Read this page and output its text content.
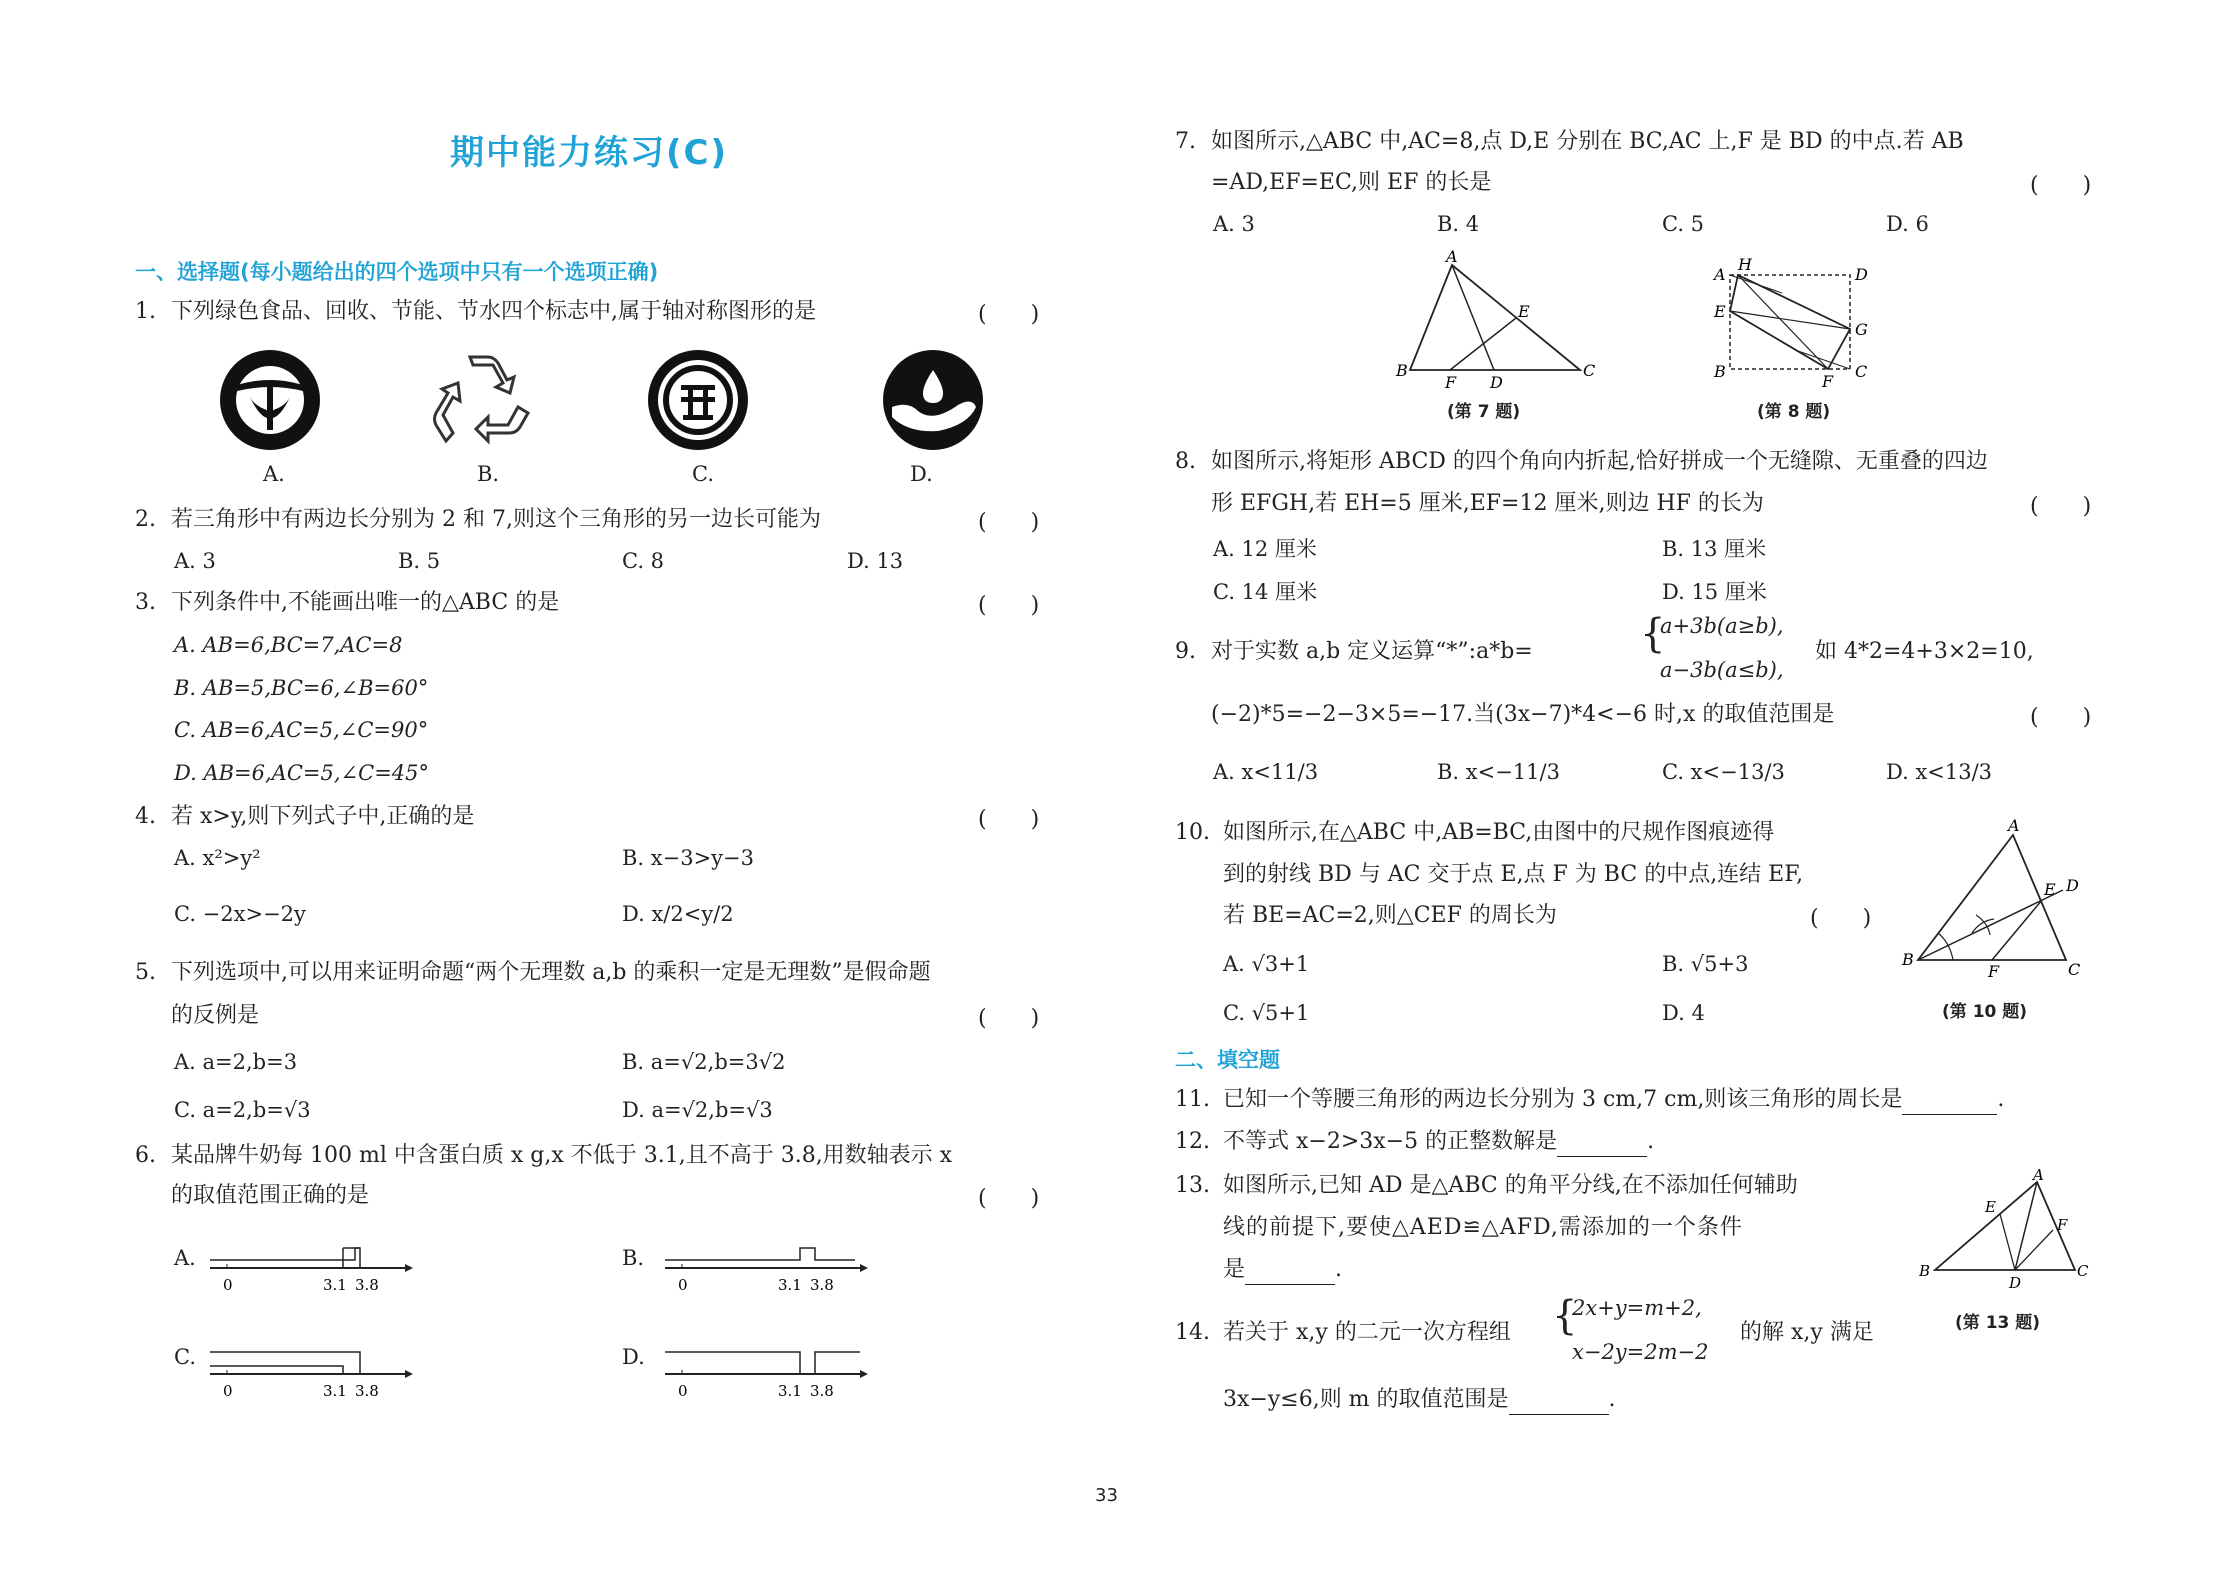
期中能力练习(C)
一、选择题(每小题给出的四个选项中只有一个选项正确)
1. 下列绿色食品、回收、节能、节水四个标志中,属于轴对称图形的是	(　　)
A.	B.	C.	D.
2. 若三角形中有两边长分别为 2 和 7,则这个三角形的另一边长可能为	(　　)
A. 3	B. 5	C. 8	D. 13
3. 下列条件中,不能画出唯一的△ABC 的是	(　　)
A. AB=6,BC=7,AC=8
B. AB=5,BC=6,∠B=60°
C. AB=6,AC=5,∠C=90°
D. AB=6,AC=5,∠C=45°
4. 若 x>y,则下列式子中,正确的是	(　　)
A. x²>y²	B. x−3>y−3
C. −2x>−2y	D. x/2<y/2
5. 下列选项中,可以用来证明命题“两个无理数 a,b 的乘积一定是无理数”是假命题
的反例是	(　　)
A. a=2,b=3	B. a=√2,b=3√2
C. a=2,b=√3	D. a=√2,b=√3
6. 某品牌牛奶每 100 ml 中含蛋白质 x g,x 不低于 3.1,且不高于 3.8,用数轴表示 x
的取值范围正确的是	(　　)
A.
0	3.1 3.8
B.
0	3.1 3.8
C.
0	3.1 3.8
D.
0	3.1 3.8
33
7. 如图所示,△ABC 中,AC=8,点 D,E 分别在 BC,AC 上,F 是 BD 的中点.若 AB
=AD,EF=EC,则 EF 的长是	(　　)
A. 3	B. 4	C. 5	D. 6
A
B	C
D
E
F
(第 7 题)
A
H
D
E
G
B
F
C
(第 8 题)
8. 如图所示,将矩形 ABCD 的四个角向内折起,恰好拼成一个无缝隙、无重叠的四边
形 EFGH,若 EH=5 厘米,EF=12 厘米,则边 HF 的长为	(　　)
A. 12 厘米	B. 13 厘米
C. 14 厘米	D. 15 厘米
9. 对于实数 a,b 定义运算“*”:a*b=	{
a+3b(a≥b),
a−3b(a≤b),
如 4*2=4+3×2=10,
(−2)*5=−2−3×5=−17.当(3x−7)*4<−6 时,x 的取值范围是	(　　)
A. x<11/3	B. x<−11/3	C. x<−13/3	D. x<13/3
10. 如图所示,在△ABC 中,AB=BC,由图中的尺规作图痕迹得
到的射线 BD 与 AC 交于点 E,点 F 为 BC 的中点,连结 EF,
若 BE=AC=2,则△CEF 的周长为	(　　)
A. √3+1	B. √5+3
C. √5+1	D. 4
A
B
C
D
E
F
(第 10 题)
二、填空题
11. 已知一个等腰三角形的两边长分别为 3 cm,7 cm,则该三角形的周长是	.
12. 不等式 x−2>3x−5 的正整数解是	.
13. 如图所示,已知 AD 是△ABC 的角平分线,在不添加任何辅助
线的前提下,要使△AED≌△AFD,需添加的一个条件
是	.
A
B	C
D
E
F
(第 13 题)
14. 若关于 x,y 的二元一次方程组 {
2x+y=m+2,
x−2y=2m−2
的解 x,y 满足
3x−y≤6,则 m 的取值范围是	.
